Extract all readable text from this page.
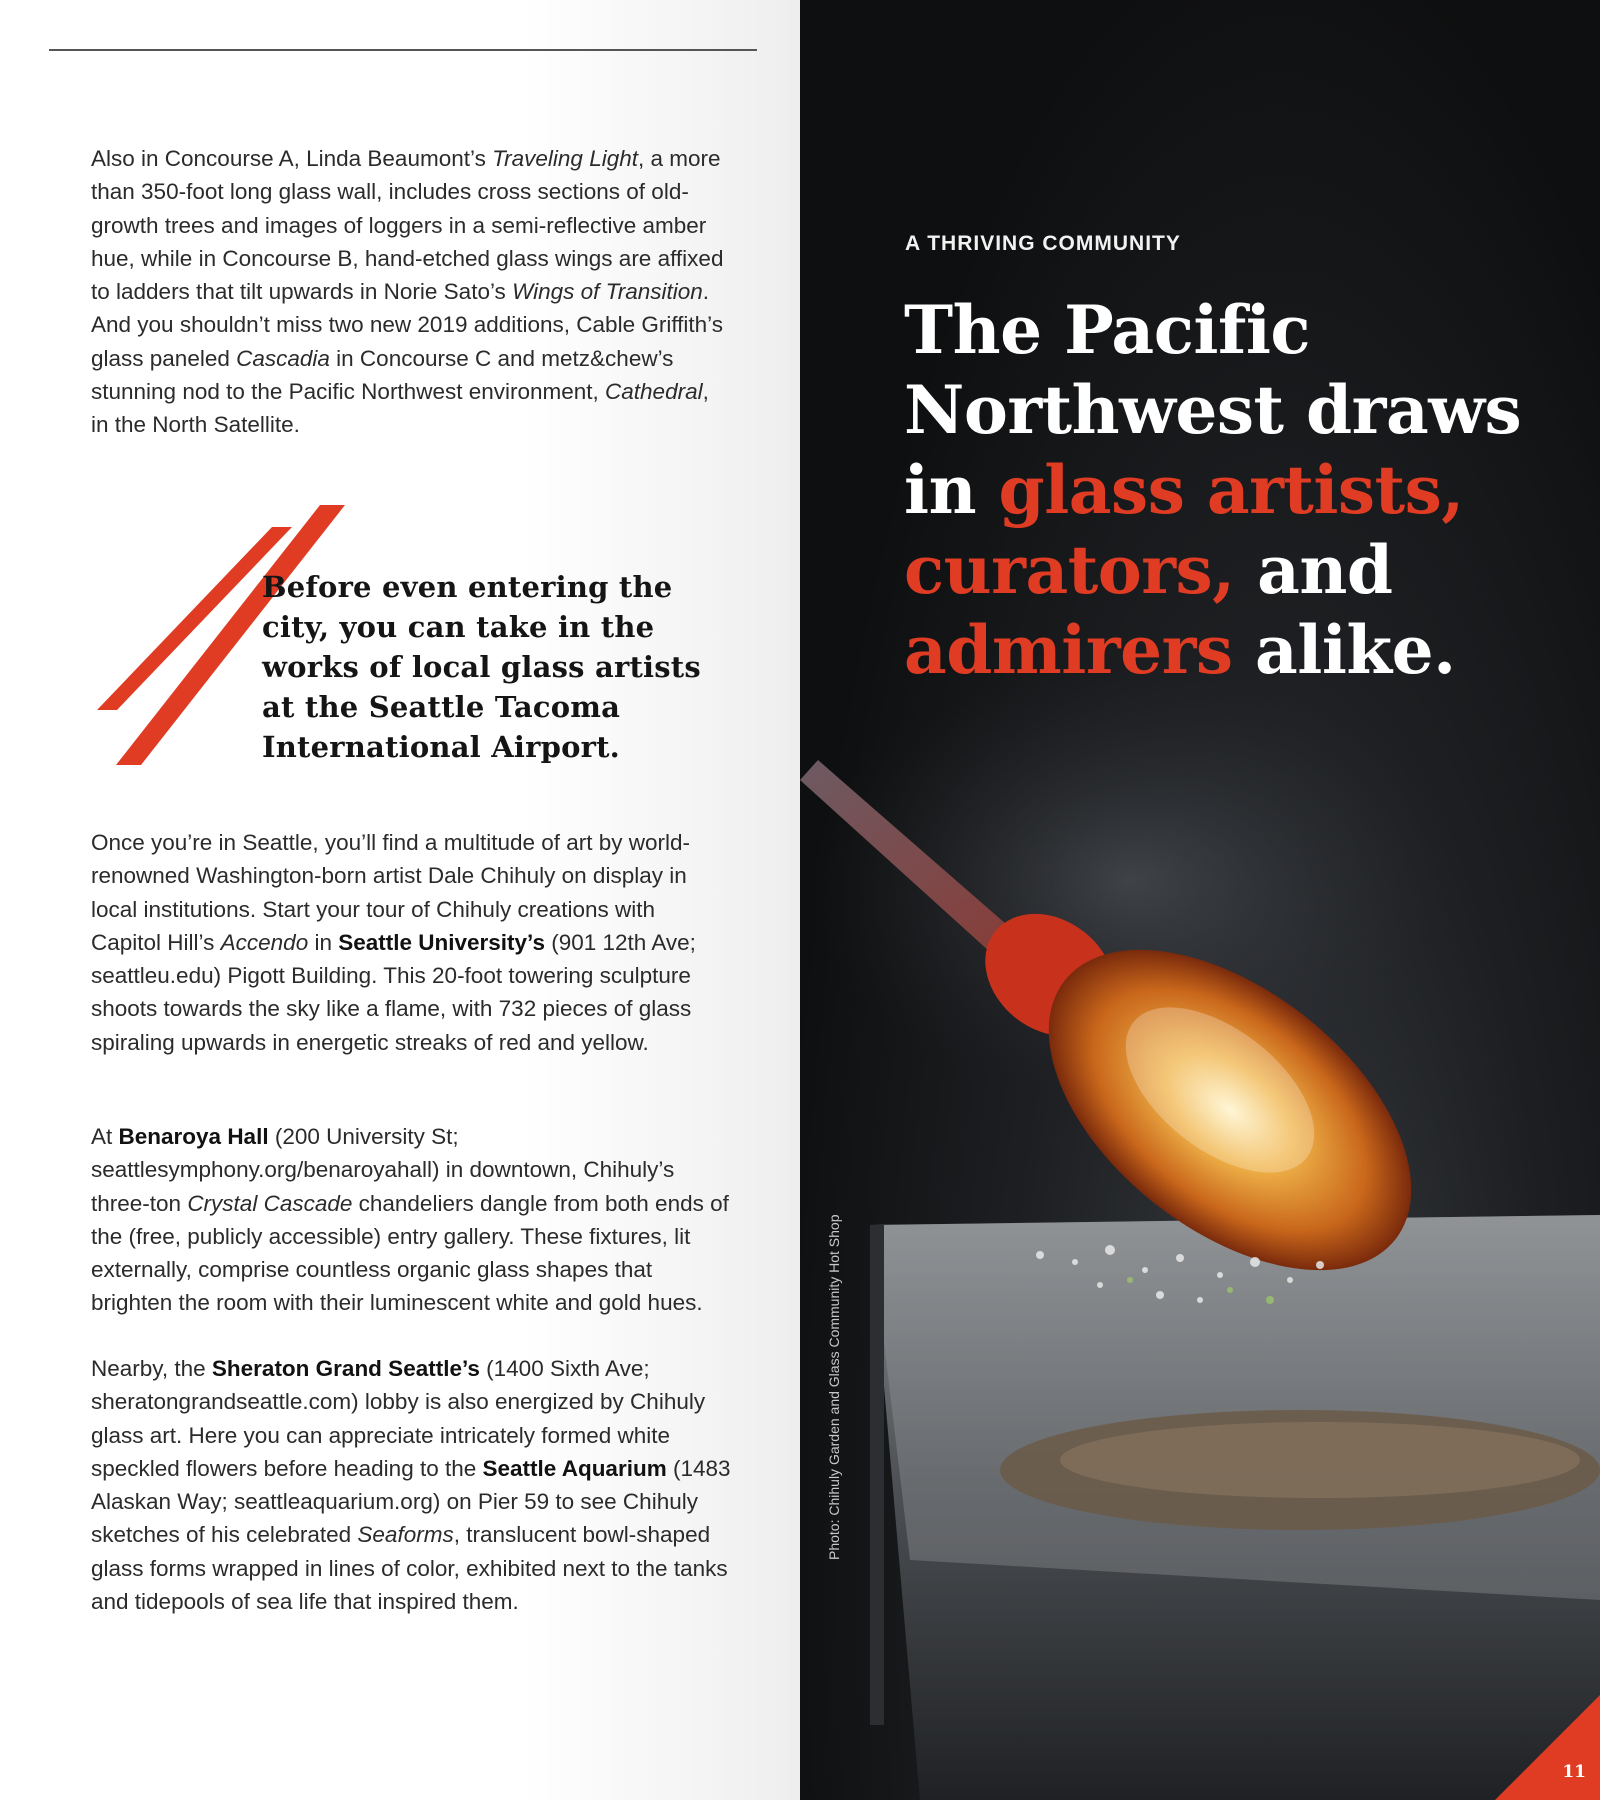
Also in Concourse A, Linda Beaumont’s Traveling Light, a more than 350-foot long glass wall, includes cross sections of old-growth trees and images of loggers in a semi-reflective amber hue, while in Concourse B, hand-etched glass wings are affixed to ladders that tilt upwards in Norie Sato’s Wings of Transition. And you shouldn’t miss two new 2019 additions, Cable Griffith’s glass paneled Cascadia in Concourse C and metz&chew’s stunning nod to the Pacific Northwest environment, Cathedral, in the North Satellite.

Before even entering the city, you can take in the works of local glass artists at the Seattle Tacoma International Airport.

Once you’re in Seattle, you’ll find a multitude of art by world-renowned Washington-born artist Dale Chihuly on display in local institutions. Start your tour of Chihuly creations with Capitol Hill’s Accendo in Seattle University’s (901 12th Ave; seattleu.edu) Pigott Building. This 20-foot towering sculpture shoots towards the sky like a flame, with 732 pieces of glass spiraling upwards in energetic streaks of red and yellow.

At Benaroya Hall (200 University St; seattlesymphony.org/benaroyahall) in downtown, Chihuly’s three-ton Crystal Cascade chandeliers dangle from both ends of the (free, publicly accessible) entry gallery. These fixtures, lit externally, comprise countless organic glass shapes that brighten the room with their luminescent white and gold hues.

Nearby, the Sheraton Grand Seattle’s (1400 Sixth Ave; sheratongrandseattle.com) lobby is also energized by Chihuly glass art. Here you can appreciate intricately formed white speckled flowers before heading to the Seattle Aquarium (1483 Alaskan Way; seattleaquarium.org) on Pier 59 to see Chihuly sketches of his celebrated Seaforms, translucent bowl-shaped glass forms wrapped in lines of color, exhibited next to the tanks and tidepools of sea life that inspired them.

A THRIVING COMMUNITY
The Pacific Northwest draws in glass artists, curators, and admirers alike.
11
Photo: Chihuly Garden and Glass Community Hot Shop
